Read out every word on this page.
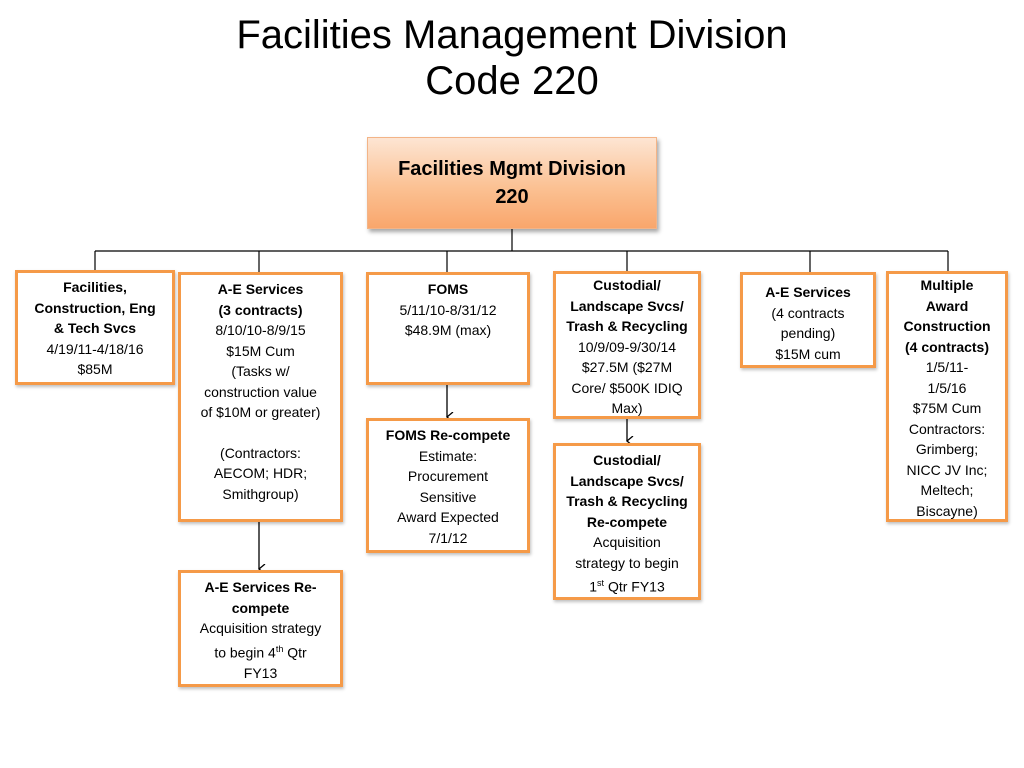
Facilities Management Division
Code 220
Facilities Mgmt Division
220
Facilities,
Construction, Eng
& Tech Svcs
4/19/11-4/18/16
$85M
A-E Services
(3 contracts)
8/10/10-8/9/15
$15M Cum
(Tasks w/
construction value
of $10M or greater)
(Contractors:
AECOM; HDR;
Smithgroup)
A-E Services Re-
compete
Acquisition strategy
to begin 4th Qtr
FY13
FOMS
5/11/10-8/31/12
$48.9M (max)
FOMS Re-compete
Estimate:
Procurement
Sensitive
Award Expected
7/1/12
Custodial/
Landscape Svcs/
Trash & Recycling
10/9/09-9/30/14
$27.5M ($27M
Core/ $500K IDIQ
Max)
Custodial/
Landscape Svcs/
Trash & Recycling
Re-compete
Acquisition
strategy to begin
1st Qtr FY13
A-E Services
(4 contracts
pending)
$15M cum
Multiple
Award
Construction
(4 contracts)
1/5/11-
1/5/16
$75M Cum
Contractors:
Grimberg;
NICC JV Inc;
Meltech;
Biscayne)
